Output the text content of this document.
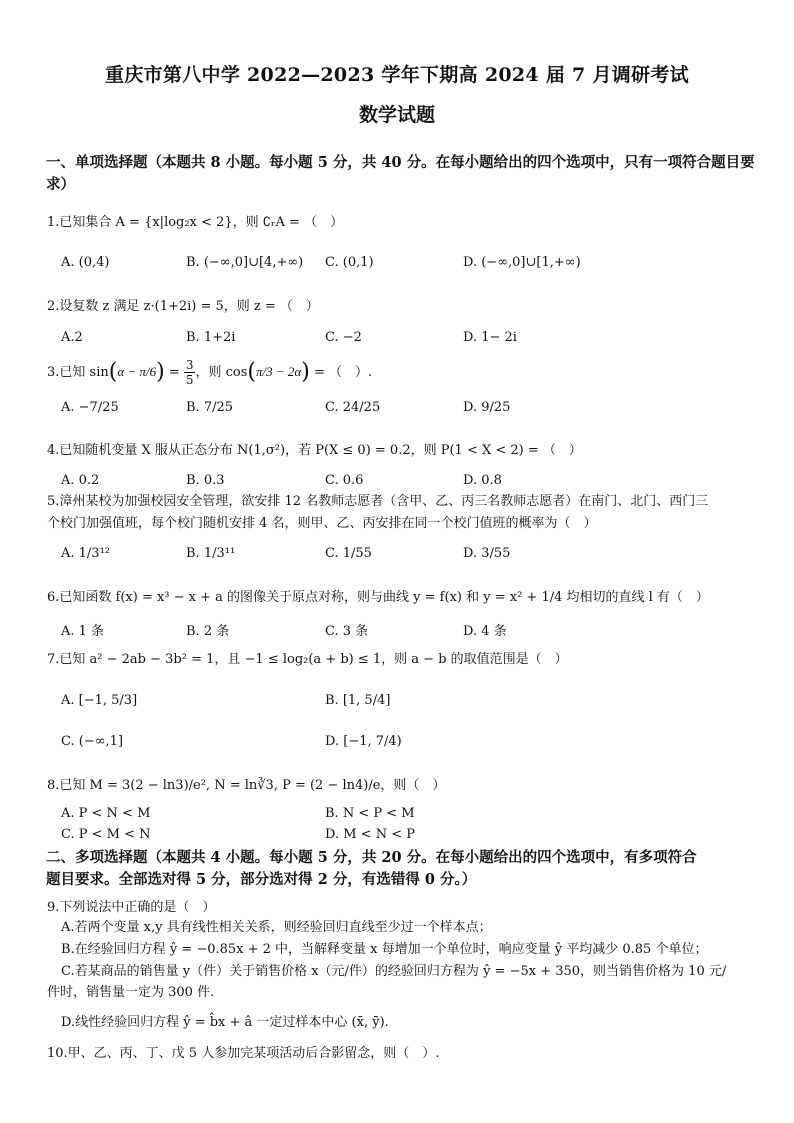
重庆市第八中学 2022—2023 学年下期高 2024 届 7 月调研考试
数学试题
一、单项选择题（本题共 8 小题。每小题 5 分，共 40 分。在每小题给出的四个选项中，只有一项符合题目要求）
1.已知集合 A = {x|log₂x < 2}，则 ∁ᵣA = （　）
A. (0,4)	B. (−∞,0]∪[4,+∞) C. (0,1)	D. (−∞,0]∪[1,+∞)
2.设复数 z 满足 z·(1+2i) = 5，则 z = （　）
A.2	B. 1+2i	C. −2	D. 1− 2i
3.已知 $\sin(\alpha - \pi/6) = \frac{3}{5}$ ，则 cos(π/3 − 2α) = （　）.
A. −7/25	B. 7/25	C. 24/25	D. 9/25
4.已知随机变量 X 服从正态分布 N(1,σ²)，若 P(X ≤ 0) = 0.2，则 P(1 < X < 2) = （　）
A. 0.2	B. 0.3	C. 0.6	D. 0.8
5.漳州某校为加强校园安全管理，欲安排 12 名教师志愿者（含甲、乙、丙三名教师志愿者）在南门、北门、西门三
个校门加强值班，每个校门随机安排 4 名，则甲、乙、丙安排在同一个校门值班的概率为（　）
A. 1/3¹²	B. 1/3¹¹	C. 1/55	D. 3/55
6.已知函数 f(x) = x³ − x + a 的图像关于原点对称，则与曲线 y = f(x) 和 y = x² + 1/4 均相切的直线 l 有（　）
A. 1 条	B. 2 条	C. 3 条	D. 4 条
7.已知 a² − 2ab − 3b² = 1，且 −1 ≤ log₂(a + b) ≤ 1，则 a − b 的取值范围是（　）
A. [−1, 5/3]	B. [1, 5/4]
C. (−∞,1]	D. [−1, 7/4)
8.已知 M = 3(2 − ln3)/e², N = ln∛3, P = (2 − ln4)/e，则（　）
A. P < N < M	B. N < P < M
C. P < M < N	D. M < N < P
二、多项选择题（本题共 4 小题。每小题 5 分，共 20 分。在每小题给出的四个选项中，有多项符合
题目要求。全部选对得 5 分，部分选对得 2 分，有选错得 0 分。）
9.下列说法中正确的是（　）
A.若两个变量 x,y 具有线性相关关系，则经验回归直线至少过一个样本点；
B.在经验回归方程 ŷ = −0.85x + 2 中，当解释变量 x 每增加一个单位时，响应变量 ŷ 平均减少 0.85 个单位；
C.若某商品的销售量 y（件）关于销售价格 x（元/件）的经验回归方程为 ŷ = −5x + 350，则当销售价格为 10 元/
件时，销售量一定为 300 件.
D.线性经验回归方程 ŷ = b̂x + â 一定过样本中心 (x̄, ȳ).
10.甲、乙、丙、丁、戊 5 人参加完某项活动后合影留念，则（　）.
